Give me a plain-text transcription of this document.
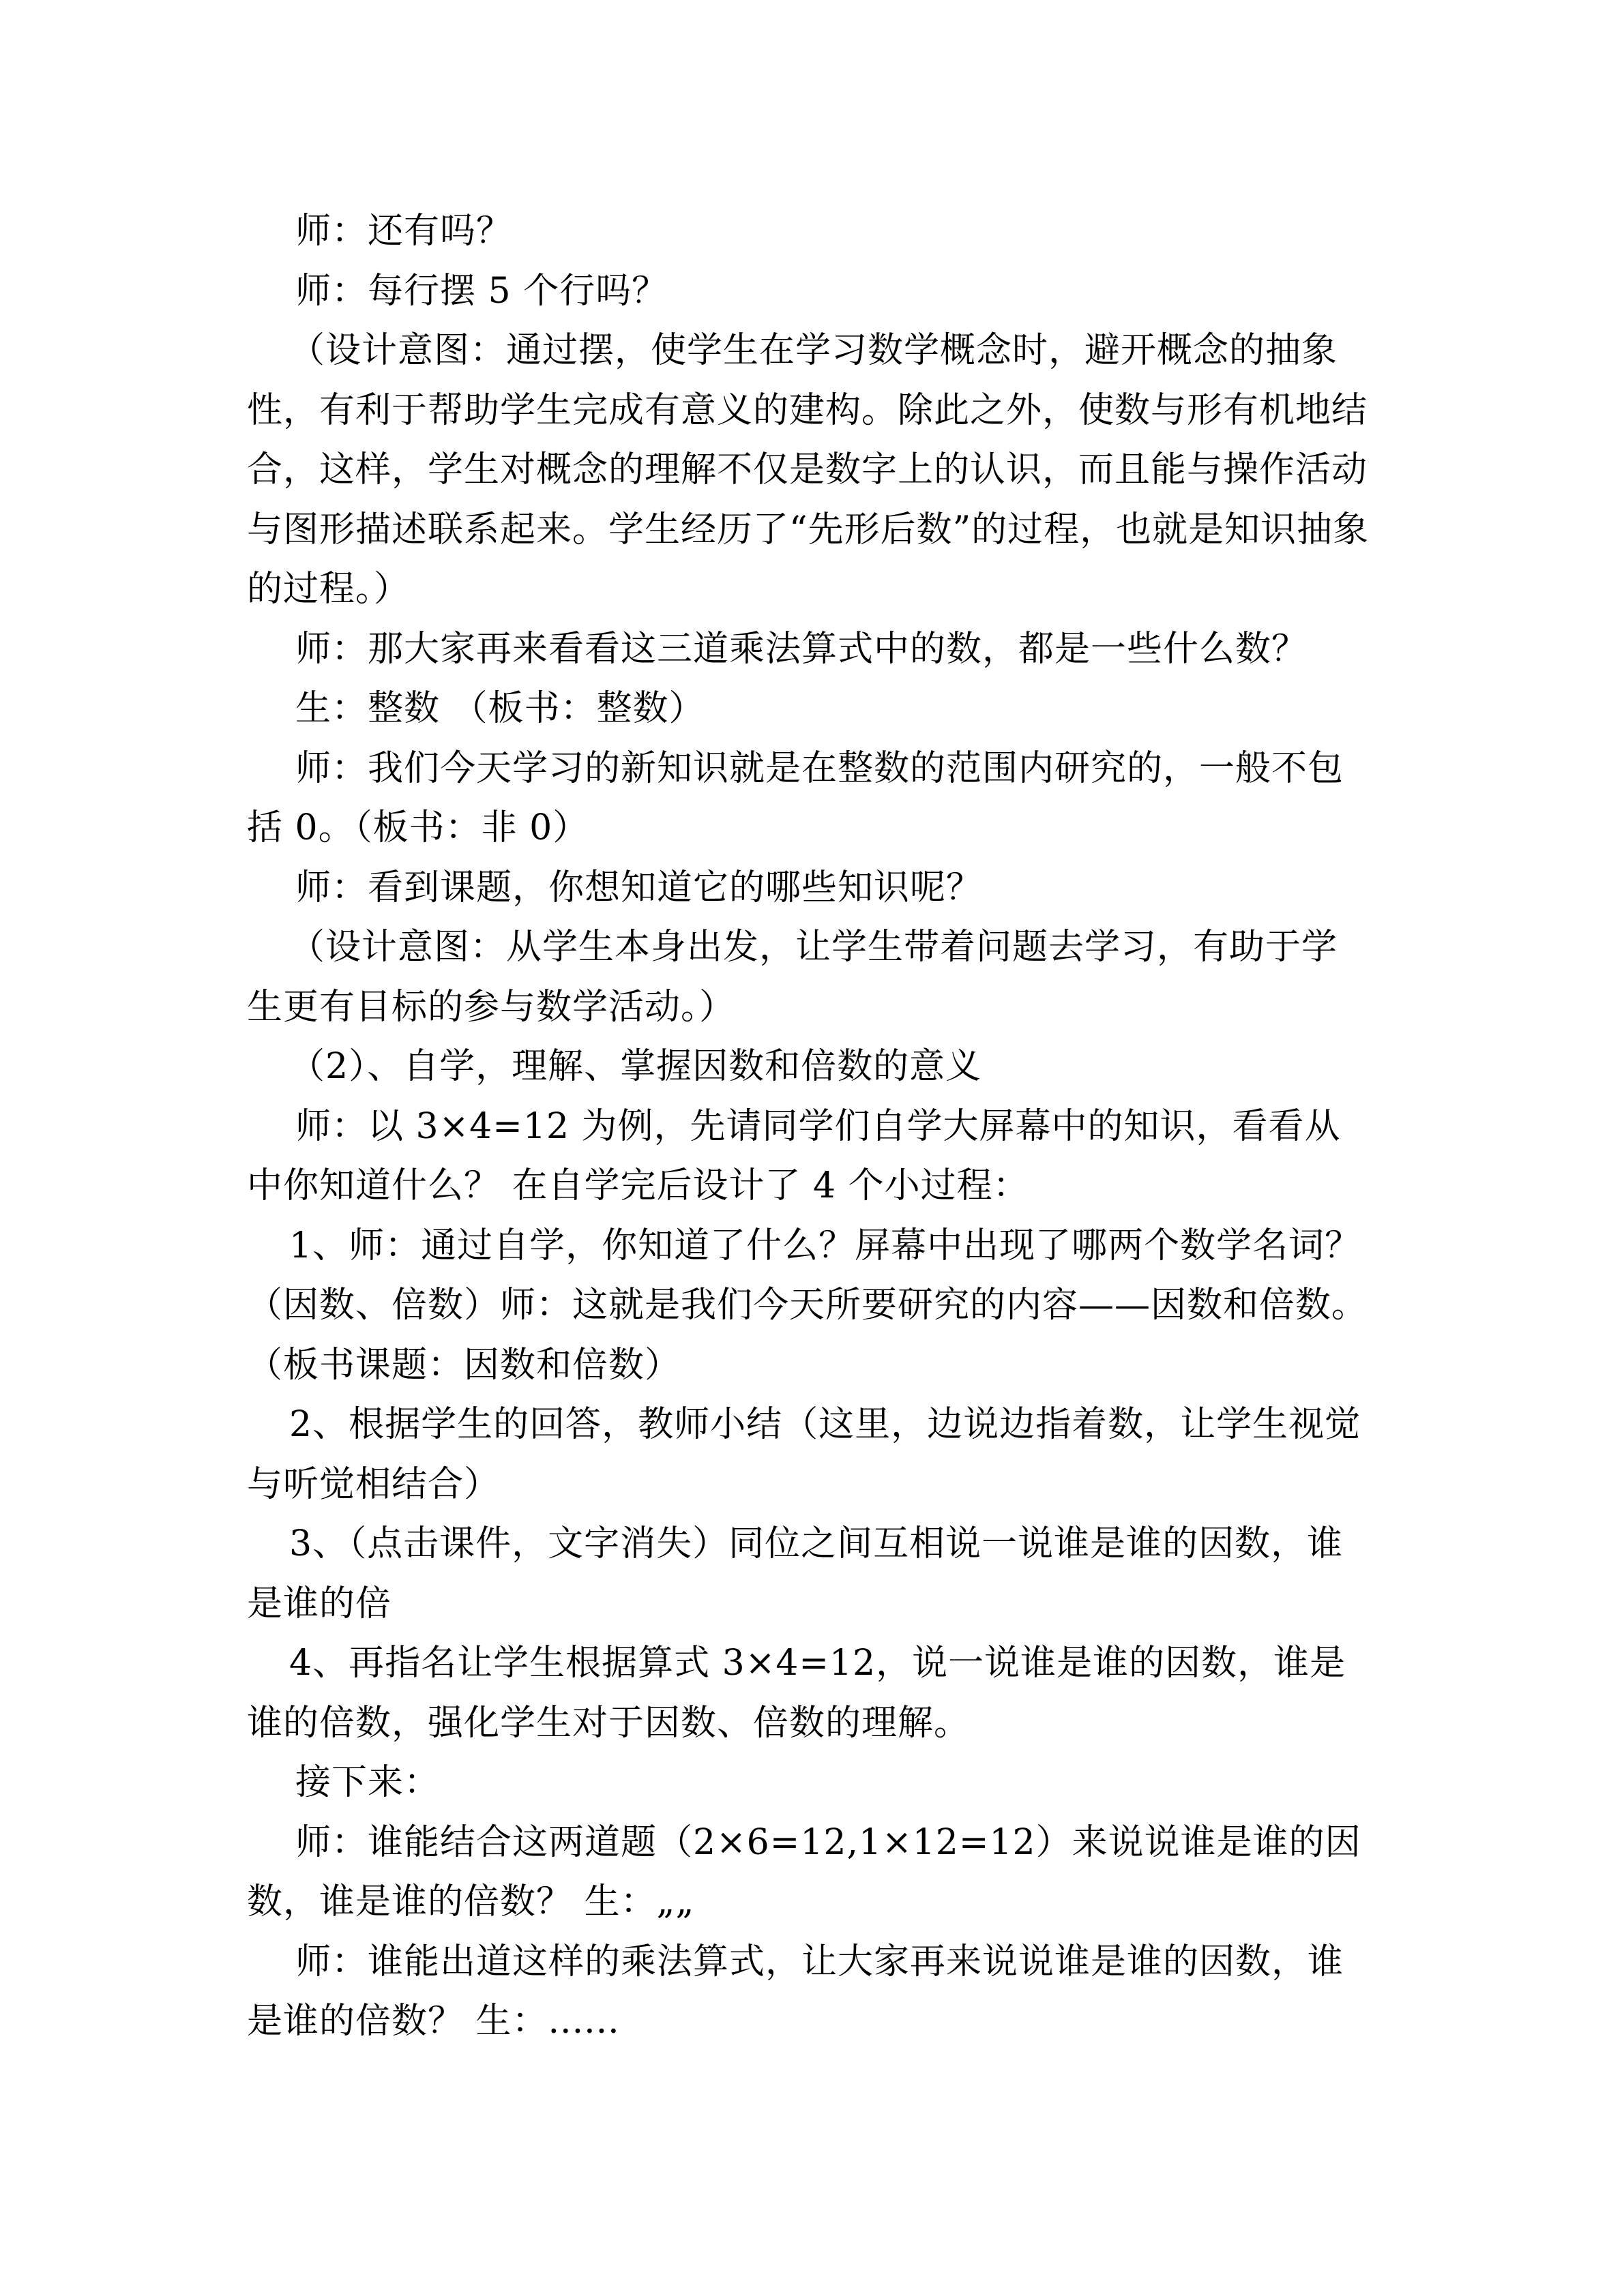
师：还有吗？

师：每行摆 5 个行吗？

（设计意图：通过摆，使学生在学习数学概念时，避开概念的抽象性，有利于帮助学生完成有意义的建构。除此之外，使数与形有机地结合，这样，学生对概念的理解不仅是数字上的认识，而且能与操作活动与图形描述联系起来。学生经历了“先形后数”的过程，也就是知识抽象的过程。）

师：那大家再来看看这三道乘法算式中的数，都是一些什么数？

生：整数 （板书：整数）

师：我们今天学习的新知识就是在整数的范围内研究的，一般不包括 0。（板书：非 0）

师：看到课题，你想知道它的哪些知识呢？

（设计意图：从学生本身出发，让学生带着问题去学习，有助于学生更有目标的参与数学活动。）

（2）、自学，理解、掌握因数和倍数的意义

师：以 3×4=12 为例，先请同学们自学大屏幕中的知识，看看从中你知道什么？ 在自学完后设计了 4 个小过程：

1、师：通过自学，你知道了什么？屏幕中出现了哪两个数学名词？（因数、倍数）师：这就是我们今天所要研究的内容——因数和倍数。（板书课题：因数和倍数）

2、根据学生的回答，教师小结（这里，边说边指着数，让学生视觉与听觉相结合）

3、（点击课件，文字消失）同位之间互相说一说谁是谁的因数，谁是谁的倍

4、再指名让学生根据算式 3×4=12，说一说谁是谁的因数，谁是谁的倍数，强化学生对于因数、倍数的理解。

接下来：

师：谁能结合这两道题（2×6=12,1×12=12）来说说谁是谁的因数，谁是谁的倍数？ 生：„„

师：谁能出道这样的乘法算式，让大家再来说说谁是谁的因数，谁是谁的倍数？ 生：......
